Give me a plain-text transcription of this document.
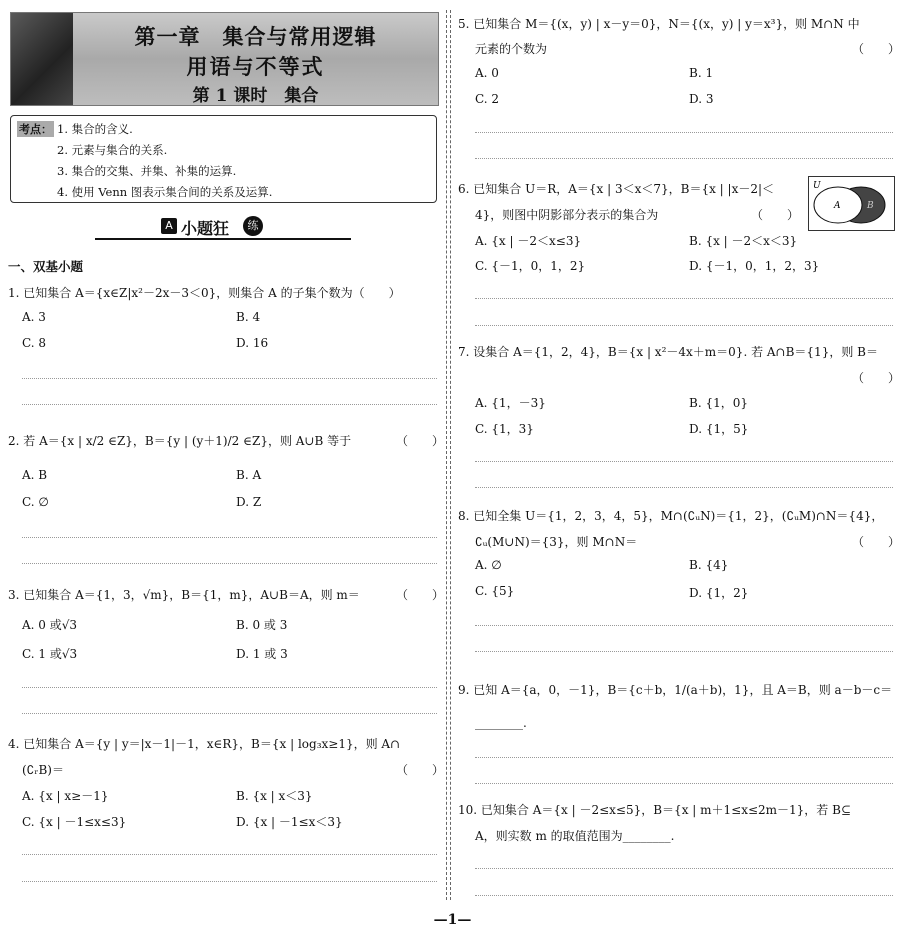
第一章　集合与常用逻辑
用语与不等式
第 1 课时　集合
考点： 1. 集合的含义.
2. 元素与集合的关系.
3. 集合的交集、并集、补集的运算.
4. 使用 Venn 图表示集合间的关系及运算.
A 小题狂	练
一、双基小题
1. 已知集合 A＝{x∈Z|x²－2x－3＜0}，则集合 A 的子集个数为（　　）
A. 3	B. 4
C. 8	D. 16
2. 若 A＝{x | x/2 ∈Z}，B＝{y | (y＋1)/2 ∈Z}，则 A∪B 等于	（　　）
A. B	B. A
C. ∅	D. Z
3. 已知集合 A＝{1，3，√m}，B＝{1，m}，A∪B＝A，则 m＝	（　　）
A. 0 或√3	B. 0 或 3
C. 1 或√3	D. 1 或 3
4. 已知集合 A＝{y | y＝|x－1|－1，x∈R}，B＝{x | log₃x≥1}，则 A∩
(∁ᵣB)＝	（　　）
A. {x | x≥－1}	B. {x | x＜3}
C. {x | －1≤x≤3}	D. {x | －1≤x＜3}
5. 已知集合 M＝{(x，y) | x－y＝0}，N＝{(x，y) | y＝x³}，则 M∩N 中
元素的个数为	（　　）
A. 0	B. 1
C. 2	D. 3
6. 已知集合 U＝R，A＝{x | 3＜x＜7}，B＝{x | |x－2|＜
4}，则图中阴影部分表示的集合为	（　　）
U
A	B
A. {x | －2＜x≤3}	B. {x | －2＜x＜3}
C. {－1，0，1，2}	D. {－1，0，1，2，3}
7. 设集合 A＝{1，2，4}，B＝{x | x²－4x＋m＝0}. 若 A∩B＝{1}，则 B＝
（　　）
A. {1，－3}	B. {1，0}
C. {1，3}	D. {1，5}
8. 已知全集 U＝{1，2，3，4，5}，M∩(∁ᵤN)＝{1，2}，(∁ᵤM)∩N＝{4}，
∁ᵤ(M∪N)＝{3}，则 M∩N＝	（　　）
A. ∅	B. {4}
C. {5}	D. {1，2}
9. 已知 A＝{a，0，－1}，B＝{c＋b，1/(a＋b)，1}，且 A＝B，则 a－b－c＝
________.
10. 已知集合 A＝{x | －2≤x≤5}，B＝{x | m＋1≤x≤2m－1}，若 B⊆
A，则实数 m 的取值范围为________.
—1—
